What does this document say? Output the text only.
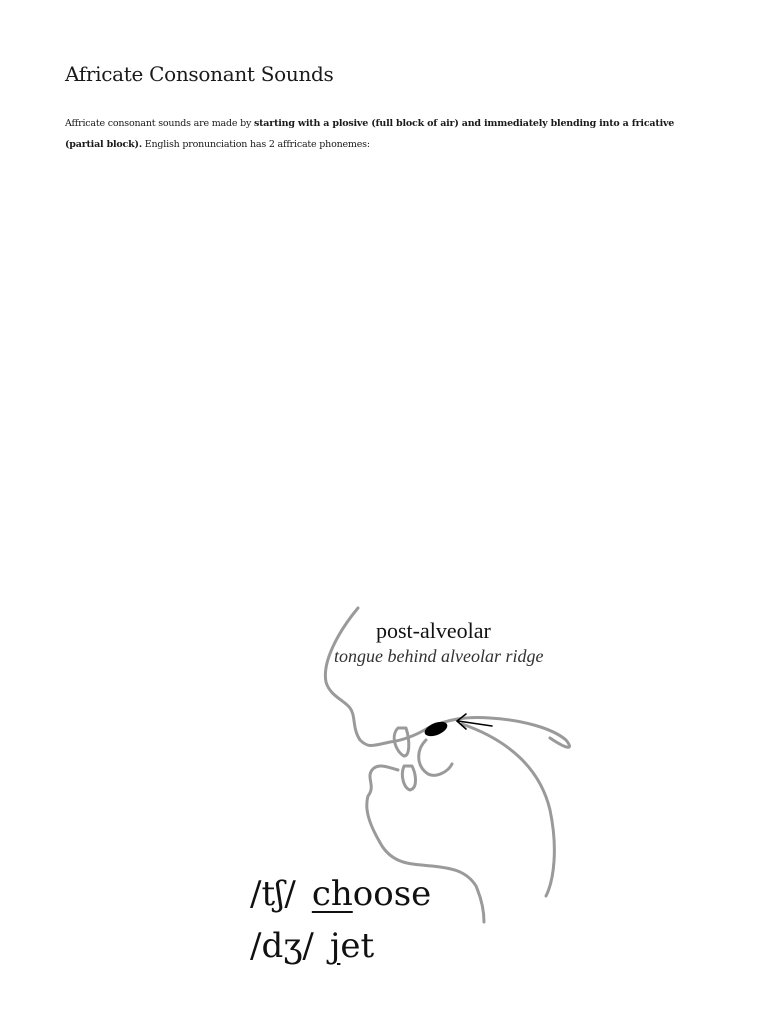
Africate Consonant Sounds

Affricate consonant sounds are made by starting with a plosive (full block of air) and immediately blending into a fricative (partial block). English pronunciation has 2 affricate phonemes:

post-alveolar
tongue behind alveolar ridge
/tʃ/ choose
/dʒ/ jet
